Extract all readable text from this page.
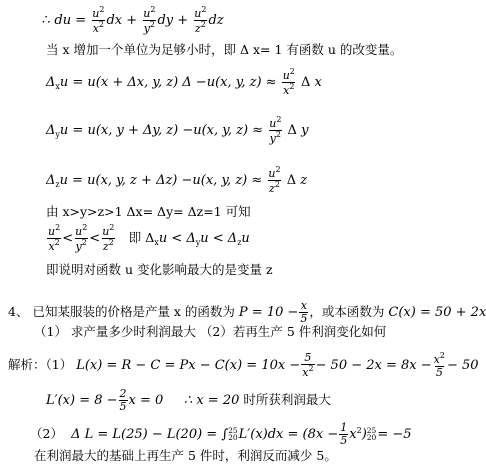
∴ du = $\frac{u^2}{x^2}$ dx + $\frac{u^2}{y^2}$ dy + $\frac{u^2}{z^2}$ dz
当 x 增加一个单位为足够小时，即 Δ x= 1 有函数 u 的改变量。
$\Delta_xu = u(x + \Delta x$, y, z) Δ −u(x, y, $z) \approx \frac{u^2}{x^2}$ Δ x
$\Delta_yu = u(x$, y + Δy, z) −u(x, y, $z) \approx \frac{u^2}{y^2}$ Δ y
$\Delta_zu = u(x$, y, z + Δz) −u(x, y, $z) \approx \frac{u^2}{z^2}$ Δ z
由 x>y>z>1 Δx= Δy= Δz=1 可知
$\frac{u^2}{x^2} < \frac{u^2}{y^2} < \frac{u^2}{z^2}$ 即 $\Delta_xu < \Delta_yu < \Delta_zu$
即说明对函数 u 变化影响最大的是变量 z
4、 已知某服装的价格是产量 x 的函数为 $P = 10 - \frac{x}{5}$ ，或本函数为 C(x) = 50 + 2x
（1） 求产量多少时利润最大 （2）若再生产 5 件利润变化如何
解析：（1） $L(x) = R - C = Px - C(x) = 10x - \frac{5}{x^2} - 50 - 2x = 8x - \frac{x^2}{5} - 50$
$L'(x) = 8 - \frac{2}{5}$ x = 0     ∴ x = 20 时所获利润最大
（2）  Δ L = L(25) − L(20) = ∫ 25
20 $L'(x)dx = (8x - \frac{1}{5} x^2)$ 25
20 = −5
在利润最大的基础上再生产 5 件时，利润反而减少 5。
